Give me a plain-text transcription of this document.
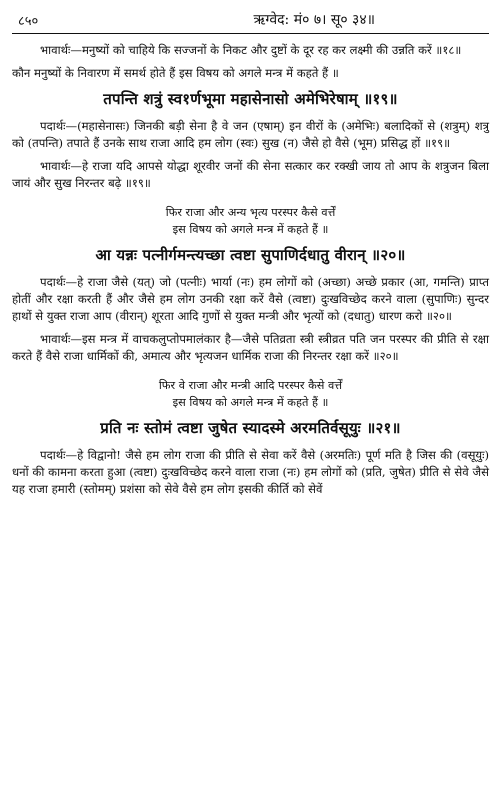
८५०	ऋग्वेद: मं० ७। सू० ३४॥
भावार्थः—मनुष्यों को चाहिये कि सज्जनों के निकट और दुष्टों के दूर रह कर लक्ष्मी की उन्नति करें ॥१८॥
कौन मनुष्यों के निवारण में समर्थ होते हैं इस विषय को अगले मन्त्र में कहते हैं ॥
तपन्ति शत्रुं स्व१र्णभूमा महासेनासो अमेभिरेषाम् ॥१९॥
पदार्थः—(महासेनासः) जिनकी बड़ी सेना है वे जन (एषाम्) इन वीरों के (अमेभिः) बलादिकों से (शत्रुम्) शत्रु को (तपन्ति) तपाते हैं उनके साथ राजा आदि हम लोग (स्वः) सुख (न) जैसे हो वैसे (भूम) प्रसिद्ध हों ॥१९॥
भावार्थः—हे राजा यदि आपसे योद्धा शूरवीर जनों की सेना सत्कार कर रक्खी जाय तो आप के शत्रुजन बिला जायं और सुख निरन्तर बढ़े ॥१९॥
फिर राजा और अन्य भृत्य परस्पर कैसे वर्त्तें
इस विषय को अगले मन्त्र में कहते हैं ॥
आ यन्नः पत्नीर्गमन्त्यच्छा त्वष्टा सुपाणिर्दधातु वीरान् ॥२०॥
पदार्थः—हे राजा जैसे (यत्) जो (पत्नीः) भार्या (नः) हम लोगों को (अच्छा) अच्छे प्रकार (आ, गमन्ति) प्राप्त होतीं और रक्षा करती हैं और जैसे हम लोग उनकी रक्षा करें वैसे (त्वष्टा) दुःखविच्छेद करने वाला (सुपाणिः) सुन्दर हाथों से युक्त राजा आप (वीरान्) शूरता आदि गुणों से युक्त मन्त्री और भृत्यों को (दधातु) धारण करो ॥२०॥
भावार्थः—इस मन्त्र में वाचकलुप्तोपमालंकार है—जैसे पतिव्रता स्त्री स्त्रीव्रत पति जन परस्पर की प्रीति से रक्षा करते हैं वैसे राजा धार्मिकों की, अमात्य और भृत्यजन धार्मिक राजा की निरन्तर रक्षा करें ॥२०॥
फिर वे राजा और मन्त्री आदि परस्पर कैसे वर्त्तें
इस विषय को अगले मन्त्र में कहते हैं ॥
प्रति नः स्तोमं त्वष्टा जुषेत स्यादस्मे अरमतिर्वसूयुः ॥२१॥
पदार्थः—हे विद्वानो! जैसे हम लोग राजा की प्रीति से सेवा करें वैसे (अरमतिः) पूर्ण मति है जिस की (वसूयुः) धनों की कामना करता हुआ (त्वष्टा) दुःखविच्छेद करने वाला राजा (नः) हम लोगों को (प्रति, जुषेत) प्रीति से सेवे जैसे यह राजा हमारी (स्तोमम्) प्रशंसा को सेवे वैसे हम लोग इसकी कीर्ति को सेवें
